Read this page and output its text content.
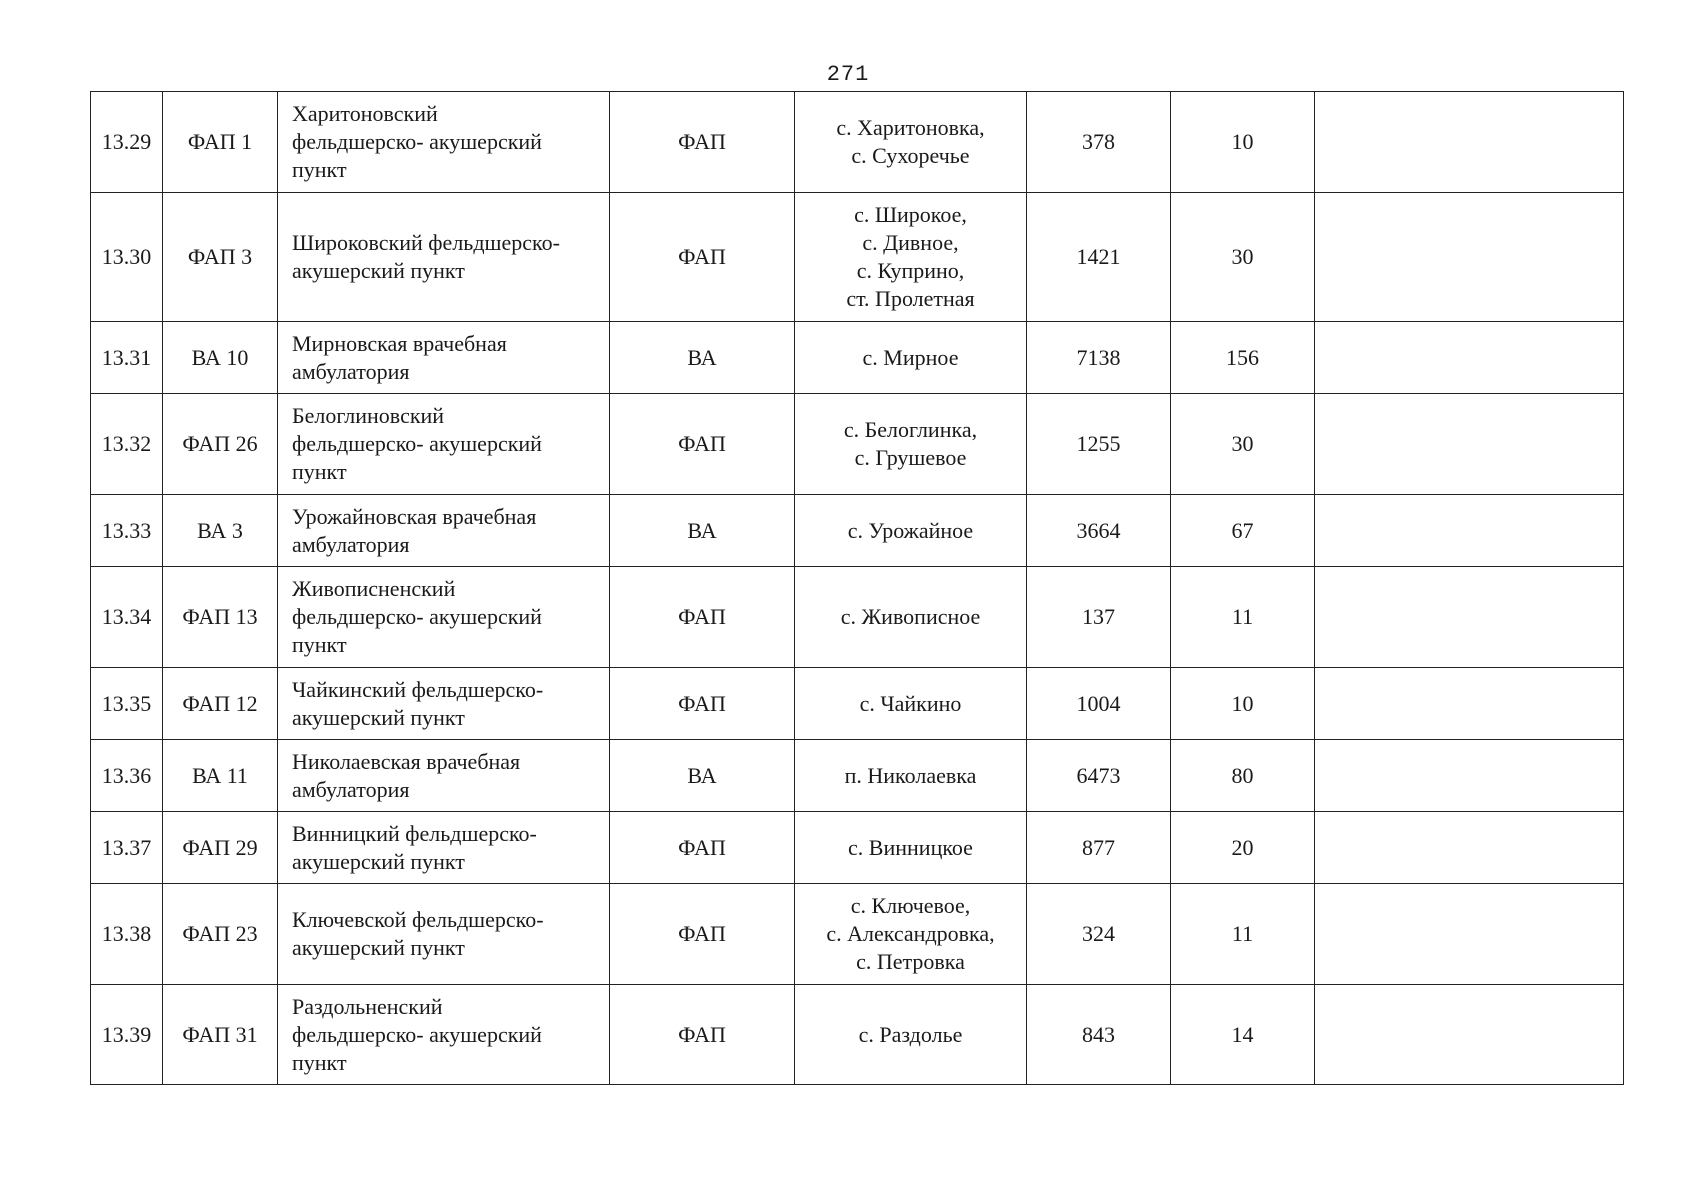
271
13.29	ФАП 1	Харитоновский
фельдшерско- акушерский
пункт	ФАП	с. Харитоновка,
с. Сухоречье	378	10	
13.30	ФАП 3	Широковский фельдшерско-
акушерский пункт	ФАП	с. Широкое,
с. Дивное,
с. Куприно,
ст. Пролетная	1421	30	
13.31	ВА 10	Мирновская врачебная
амбулатория	ВА	с. Мирное	7138	156	
13.32	ФАП 26	Белоглиновский
фельдшерско- акушерский
пункт	ФАП	с. Белоглинка,
с. Грушевое	1255	30	
13.33	ВА 3	Урожайновская врачебная
амбулатория	ВА	с. Урожайное	3664	67	
13.34	ФАП 13	Живописненский
фельдшерско- акушерский
пункт	ФАП	с. Живописное	137	11	
13.35	ФАП 12	Чайкинский фельдшерско-
акушерский пункт	ФАП	с. Чайкино	1004	10	
13.36	ВА 11	Николаевская врачебная
амбулатория	ВА	п. Николаевка	6473	80	
13.37	ФАП 29	Винницкий фельдшерско-
акушерский пункт	ФАП	с. Винницкое	877	20	
13.38	ФАП 23	Ключевской фельдшерско-
акушерский пункт	ФАП	с. Ключевое,
с. Александровка,
с. Петровка	324	11	
13.39	ФАП 31	Раздольненский
фельдшерско- акушерский
пункт	ФАП	с. Раздолье	843	14	
